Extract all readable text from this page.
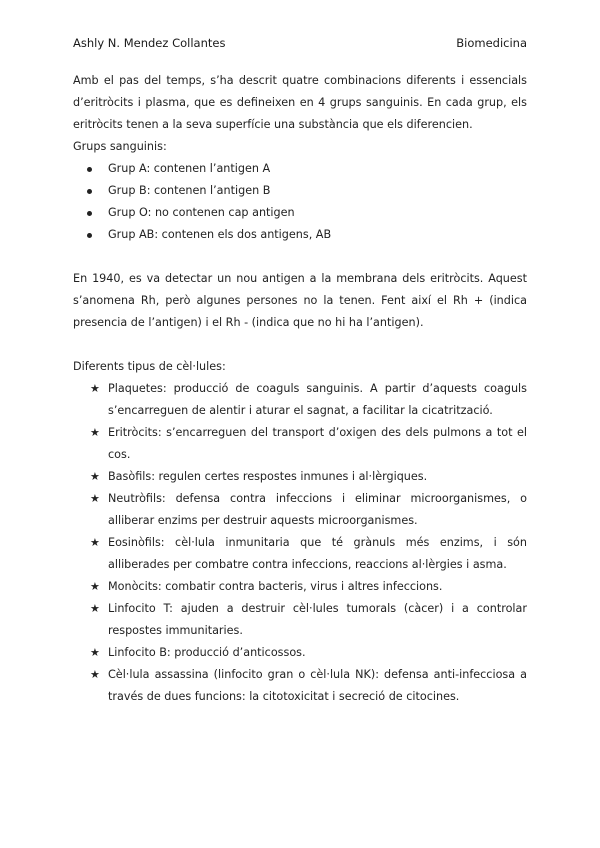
Ashly N. Mendez Collantes	Biomedicina

Amb el pas del temps, s’ha descrit quatre combinacions diferents i essencials d’eritròcits i plasma, que es defineixen en 4 grups sanguinis. En cada grup, els eritròcits tenen a la seva superfície una substància que els diferencien.

Grups sanguinis:

Grup A: contenen l’antigen A
Grup B: contenen l’antigen B
Grup O: no contenen cap antigen
Grup AB: contenen els dos antigens, AB

En 1940, es va detectar un nou antigen a la membrana dels eritròcits. Aquest s’anomena Rh, però algunes persones no la tenen. Fent així el Rh + (indica presencia de l’antigen) i el Rh - (indica que no hi ha l’antigen).

Diferents tipus de cèl·lules:

★ Plaquetes: producció de coaguls sanguinis. A partir d’aquests coaguls s’encarreguen de alentir i aturar el sagnat, a facilitar la cicatrització.
★ Eritròcits: s’encarreguen del transport d’oxigen des dels pulmons a tot el cos.
★ Basòfils: regulen certes respostes inmunes i al·lèrgiques.
★ Neutròfils: defensa contra infeccions i eliminar microorganismes, o alliberar enzims per destruir aquests microorganismes.
★ Eosinòfils: cèl·lula inmunitaria que té grànuls més enzims, i són alliberades per combatre contra infeccions, reaccions al·lèrgies i asma.
★ Monòcits: combatir contra bacteris, virus i altres infeccions.
★ Linfocito T: ajuden a destruir cèl·lules tumorals (càcer) i a controlar respostes immunitaries.
★ Linfocito B: producció d’anticossos.
★ Cèl·lula assassina (linfocito gran o cèl·lula NK): defensa anti-infecciosa a través de dues funcions: la citotoxicitat i secreció de citocines.
